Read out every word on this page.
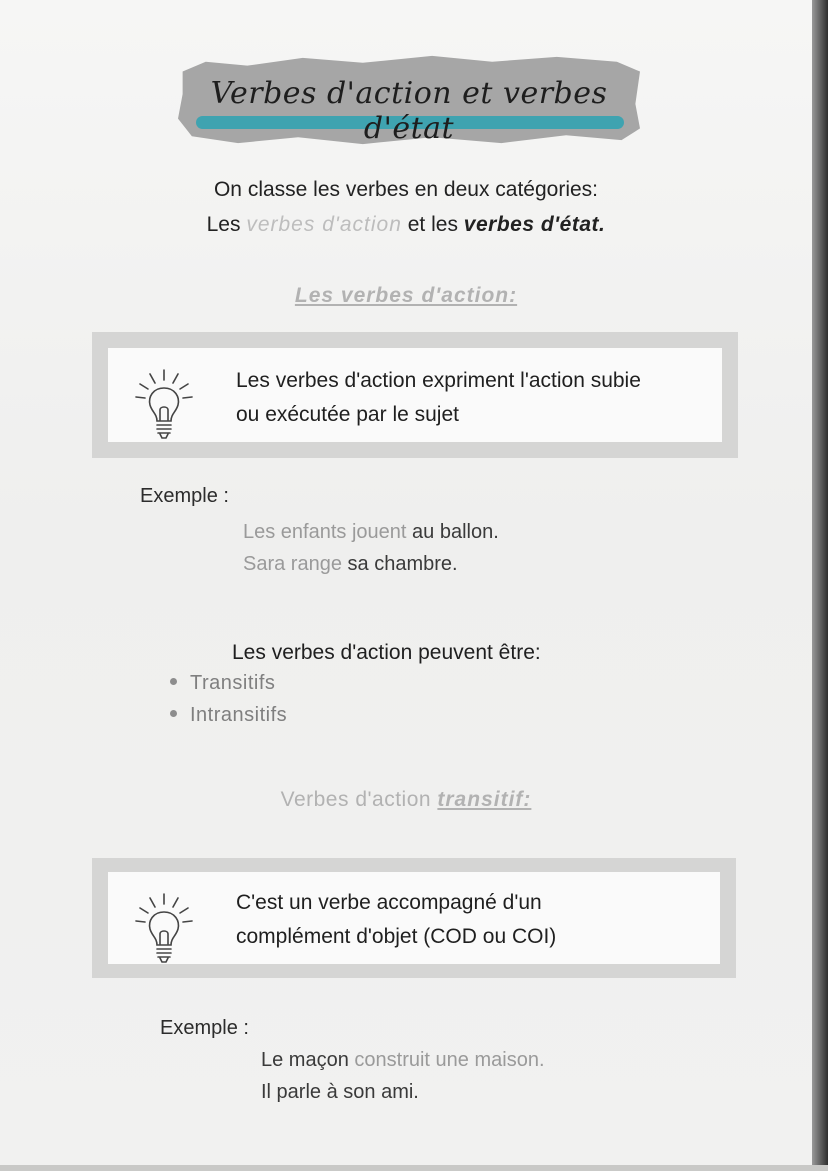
Verbes d'action et verbes d'état
On classe les verbes en deux catégories:
Les verbes d'action et les verbes d'état.
Les verbes d'action:
Les verbes d'action expriment l'action subie
ou exécutée par le sujet
Exemple :
Les enfants jouent au ballon.
Sara range sa chambre.
Les verbes d'action peuvent être:
Transitifs
Intransitifs
Verbes d'action transitif:
C'est un verbe accompagné d'un
complément d'objet (COD ou COI)
Exemple :
Le maçon construit une maison.
Il parle à son ami.
